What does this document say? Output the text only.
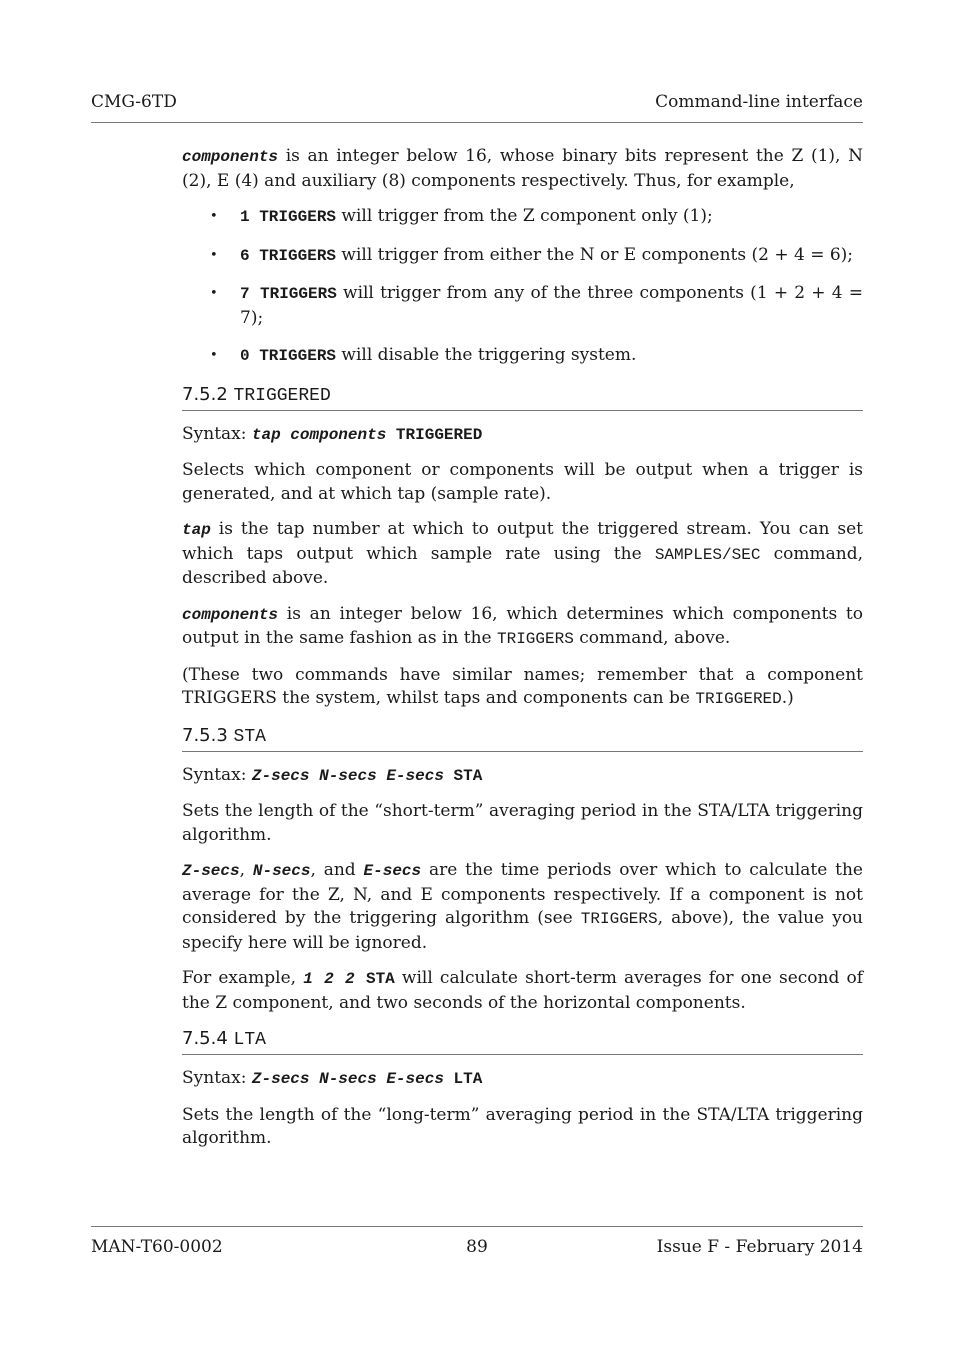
CMG-6TD	Command-line interface

components is an integer below 16, whose binary bits represent the Z (1), N (2), E (4) and auxiliary (8) components respectively. Thus, for example,

• 1 TRIGGERS will trigger from the Z component only (1);
• 6 TRIGGERS will trigger from either the N or E components (2 + 4 = 6);
• 7 TRIGGERS will trigger from any of the three components (1 + 2 + 4 = 7);
• 0 TRIGGERS will disable the triggering system.
7.5.2 TRIGGERED

Syntax: tap components TRIGGERED

Selects which component or components will be output when a trigger is generated, and at which tap (sample rate).

tap is the tap number at which to output the triggered stream. You can set which taps output which sample rate using the SAMPLES/SEC command, described above.

components is an integer below 16, which determines which components to output in the same fashion as in the TRIGGERS command, above.

(These two commands have similar names; remember that a component TRIGGERS the system, whilst taps and components can be TRIGGERED.)

7.5.3 STA

Syntax: Z-secs N-secs E-secs STA

Sets the length of the “short-term” averaging period in the STA/LTA triggering algorithm.

Z-secs, N-secs, and E-secs are the time periods over which to calculate the average for the Z, N, and E components respectively. If a component is not considered by the triggering algorithm (see TRIGGERS, above), the value you specify here will be ignored.

For example, 1 2 2 STA will calculate short-term averages for one second of the Z component, and two seconds of the horizontal components.

7.5.4 LTA

Syntax: Z-secs N-secs E-secs LTA

Sets the length of the “long-term” averaging period in the STA/LTA triggering algorithm.

MAN-T60-0002	89	Issue F - February 2014
